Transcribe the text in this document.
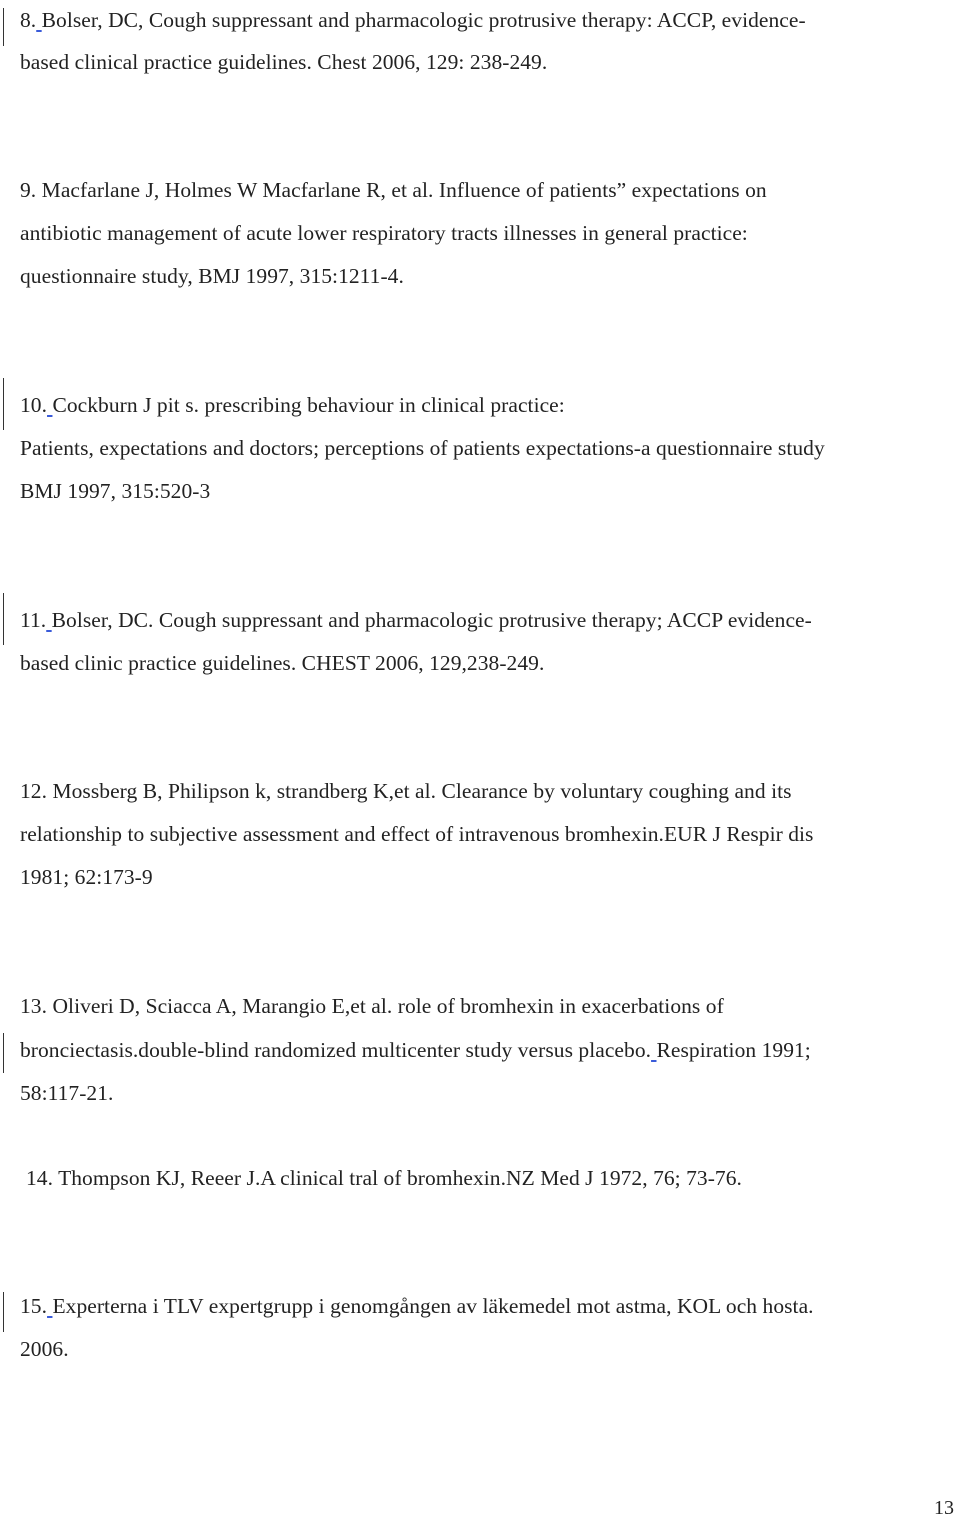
8. Bolser, DC, Cough suppressant and pharmacologic protrusive therapy: ACCP, evidence-
based clinical practice guidelines. Chest 2006, 129: 238-249.
9. Macfarlane J, Holmes W Macfarlane R, et al. Influence of patients” expectations on
antibiotic management of acute lower respiratory tracts illnesses in general practice:
questionnaire study, BMJ 1997, 315:1211-4.
10. Cockburn J pit s. prescribing behaviour in clinical practice:
Patients, expectations and doctors; perceptions of patients expectations-a questionnaire study
BMJ 1997, 315:520-3
11. Bolser, DC. Cough suppressant and pharmacologic protrusive therapy; ACCP evidence-
based clinic practice guidelines. CHEST 2006, 129,238-249.
12. Mossberg B, Philipson k, strandberg K,et al. Clearance by voluntary coughing and its
relationship to subjective assessment and effect of intravenous bromhexin.EUR J Respir dis
1981; 62:173-9
13. Oliveri D, Sciacca A, Marangio E,et al. role of bromhexin in exacerbations of
bronciectasis.double-blind randomized multicenter study versus placebo. Respiration 1991;
58:117-21.
14. Thompson KJ, Reeer J.A clinical tral of bromhexin.NZ Med J 1972, 76; 73-76.
15. Experterna i TLV expertgrupp i genomgången av läkemedel mot astma, KOL och hosta.
2006.
13
